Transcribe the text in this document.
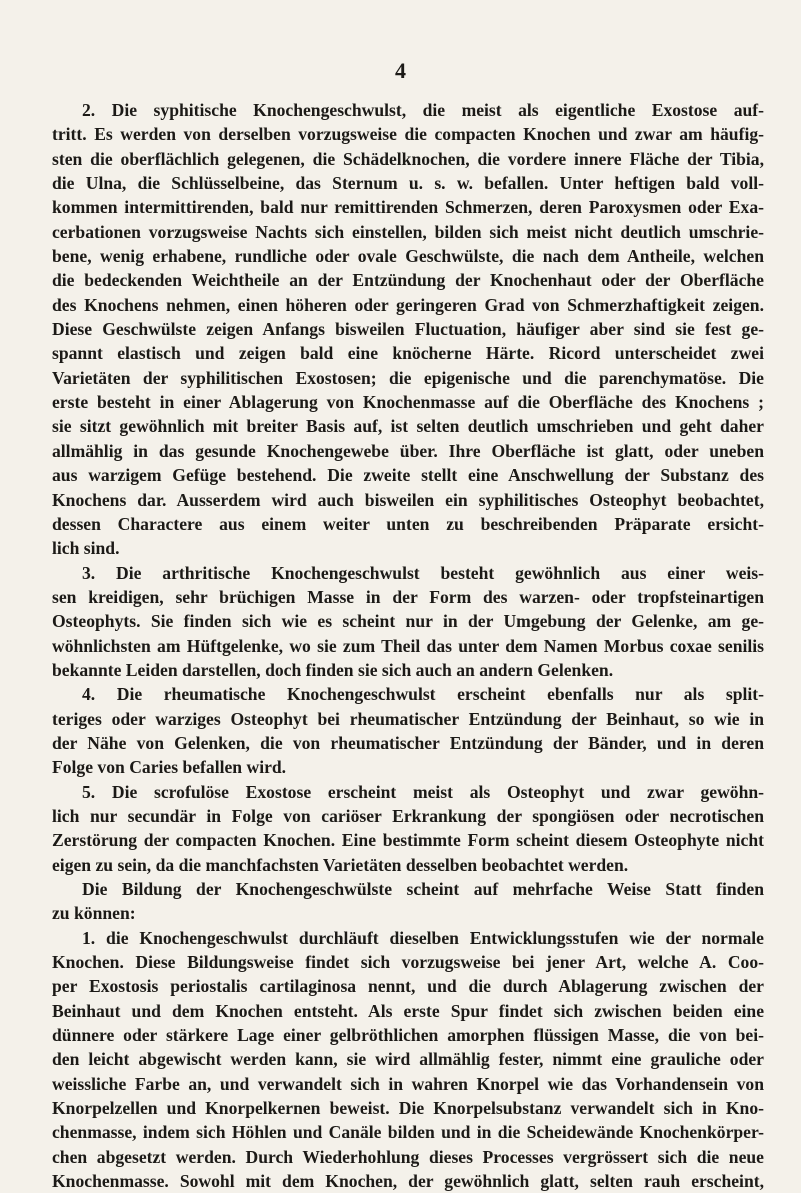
4
2. Die syphitische Knochengeschwulst, die meist als eigentliche Exostose auf-
tritt. Es werden von derselben vorzugsweise die compacten Knochen und zwar am häufig-
sten die oberflächlich gelegenen, die Schädelknochen, die vordere innere Fläche der Tibia,
die Ulna, die Schlüsselbeine, das Sternum u. s. w. befallen. Unter heftigen bald voll-
kommen intermittirenden, bald nur remittirenden Schmerzen, deren Paroxysmen oder Exa-
cerbationen vorzugsweise Nachts sich einstellen, bilden sich meist nicht deutlich umschrie-
bene, wenig erhabene, rundliche oder ovale Geschwülste, die nach dem Antheile, welchen
die bedeckenden Weichtheile an der Entzündung der Knochenhaut oder der Oberfläche
des Knochens nehmen, einen höheren oder geringeren Grad von Schmerzhaftigkeit zeigen.
Diese Geschwülste zeigen Anfangs bisweilen Fluctuation, häufiger aber sind sie fest ge-
spannt elastisch und zeigen bald eine knöcherne Härte. Ricord unterscheidet zwei
Varietäten der syphilitischen Exostosen; die epigenische und die parenchymatöse. Die
erste besteht in einer Ablagerung von Knochenmasse auf die Oberfläche des Knochens ;
sie sitzt gewöhnlich mit breiter Basis auf, ist selten deutlich umschrieben und geht daher
allmählig in das gesunde Knochengewebe über. Ihre Oberfläche ist glatt, oder uneben
aus warzigem Gefüge bestehend. Die zweite stellt eine Anschwellung der Substanz des
Knochens dar. Ausserdem wird auch bisweilen ein syphilitisches Osteophyt beobachtet,
dessen Charactere aus einem weiter unten zu beschreibenden Präparate ersicht-
lich sind.
3. Die arthritische Knochengeschwulst besteht gewöhnlich aus einer weis-
sen kreidigen, sehr brüchigen Masse in der Form des warzen- oder tropfsteinartigen
Osteophyts. Sie finden sich wie es scheint nur in der Umgebung der Gelenke, am ge-
wöhnlichsten am Hüftgelenke, wo sie zum Theil das unter dem Namen Morbus coxae senilis
bekannte Leiden darstellen, doch finden sie sich auch an andern Gelenken.
4. Die rheumatische Knochengeschwulst erscheint ebenfalls nur als split-
teriges oder warziges Osteophyt bei rheumatischer Entzündung der Beinhaut, so wie in
der Nähe von Gelenken, die von rheumatischer Entzündung der Bänder, und in deren
Folge von Caries befallen wird.
5. Die scrofulöse Exostose erscheint meist als Osteophyt und zwar gewöhn-
lich nur secundär in Folge von cariöser Erkrankung der spongiösen oder necrotischen
Zerstörung der compacten Knochen. Eine bestimmte Form scheint diesem Osteophyte nicht
eigen zu sein, da die manchfachsten Varietäten desselben beobachtet werden.
Die Bildung der Knochengeschwülste scheint auf mehrfache Weise Statt finden
zu können:
1. die Knochengeschwulst durchläuft dieselben Entwicklungsstufen wie der normale
Knochen. Diese Bildungsweise findet sich vorzugsweise bei jener Art, welche A. Coo-
per Exostosis periostalis cartilaginosa nennt, und die durch Ablagerung zwischen der
Beinhaut und dem Knochen entsteht. Als erste Spur findet sich zwischen beiden eine
dünnere oder stärkere Lage einer gelbröthlichen amorphen flüssigen Masse, die von bei-
den leicht abgewischt werden kann, sie wird allmählig fester, nimmt eine grauliche oder
weissliche Farbe an, und verwandelt sich in wahren Knorpel wie das Vorhandensein von
Knorpelzellen und Knorpelkernen beweist. Die Knorpelsubstanz verwandelt sich in Kno-
chenmasse, indem sich Höhlen und Canäle bilden und in die Scheidewände Knochenkörper-
chen abgesetzt werden. Durch Wiederhohlung dieses Processes vergrössert sich die neue
Knochenmasse. Sowohl mit dem Knochen, der gewöhnlich glatt, selten rauh erscheint,
